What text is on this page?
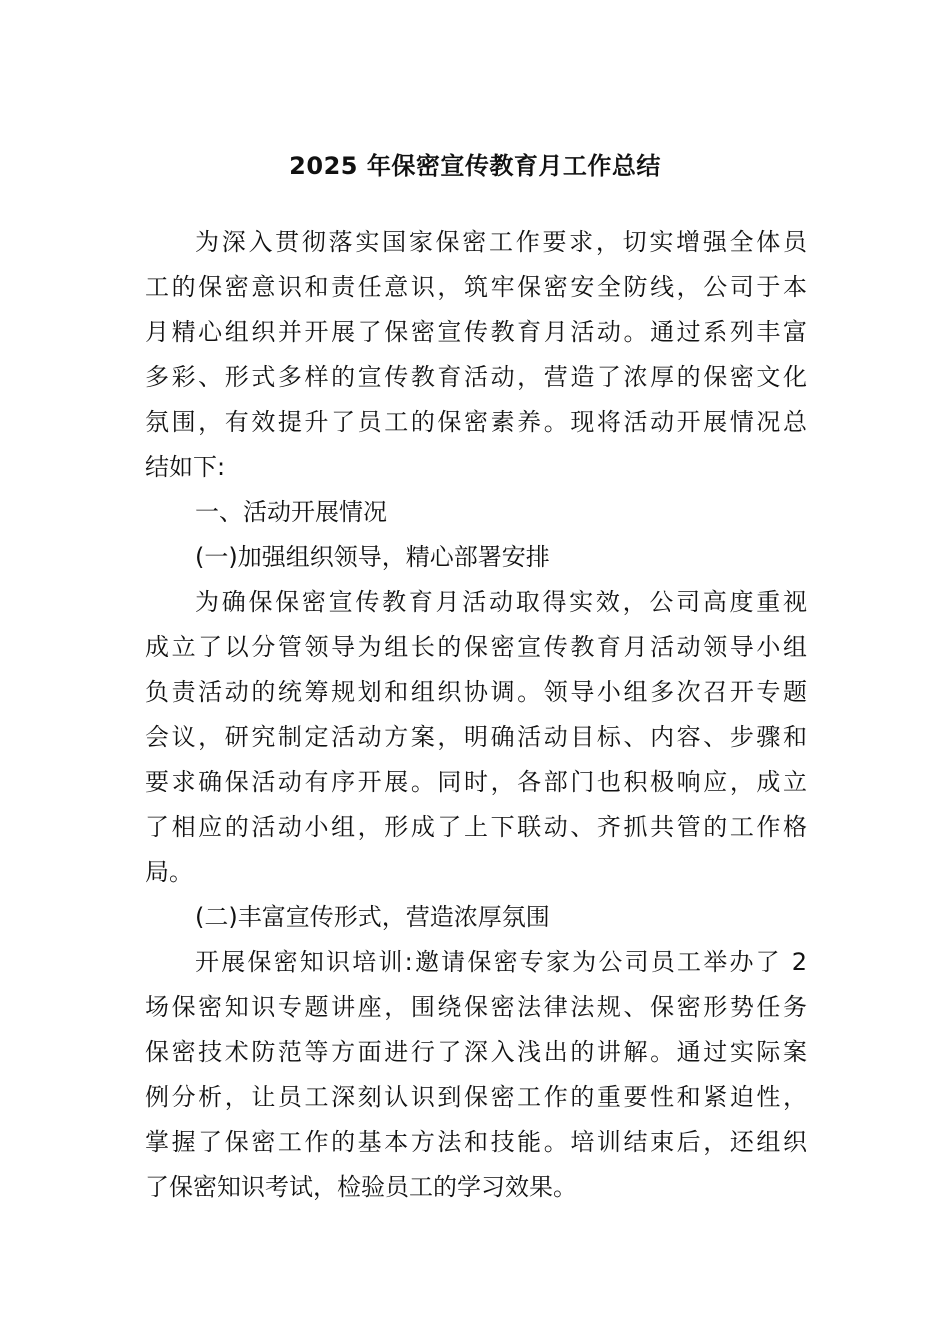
2025 年保密宣传教育月工作总结
为深入贯彻落实国家保密工作要求，切实增强全体员
工的保密意识和责任意识，筑牢保密安全防线，公司于本
月精心组织并开展了保密宣传教育月活动。通过系列丰富
多彩、形式多样的宣传教育活动，营造了浓厚的保密文化
氛围，有效提升了员工的保密素养。现将活动开展情况总
结如下:
一、活动开展情况
(一)加强组织领导，精心部署安排
为确保保密宣传教育月活动取得实效，公司高度重视
成立了以分管领导为组长的保密宣传教育月活动领导小组
负责活动的统筹规划和组织协调。领导小组多次召开专题
会议，研究制定活动方案，明确活动目标、内容、步骤和
要求确保活动有序开展。同时，各部门也积极响应，成立
了相应的活动小组，形成了上下联动、齐抓共管的工作格
局。
(二)丰富宣传形式，营造浓厚氛围
开展保密知识培训:邀请保密专家为公司员工举办了 2
场保密知识专题讲座，围绕保密法律法规、保密形势任务
保密技术防范等方面进行了深入浅出的讲解。通过实际案
例分析，让员工深刻认识到保密工作的重要性和紧迫性，
掌握了保密工作的基本方法和技能。培训结束后，还组织
了保密知识考试，检验员工的学习效果。
